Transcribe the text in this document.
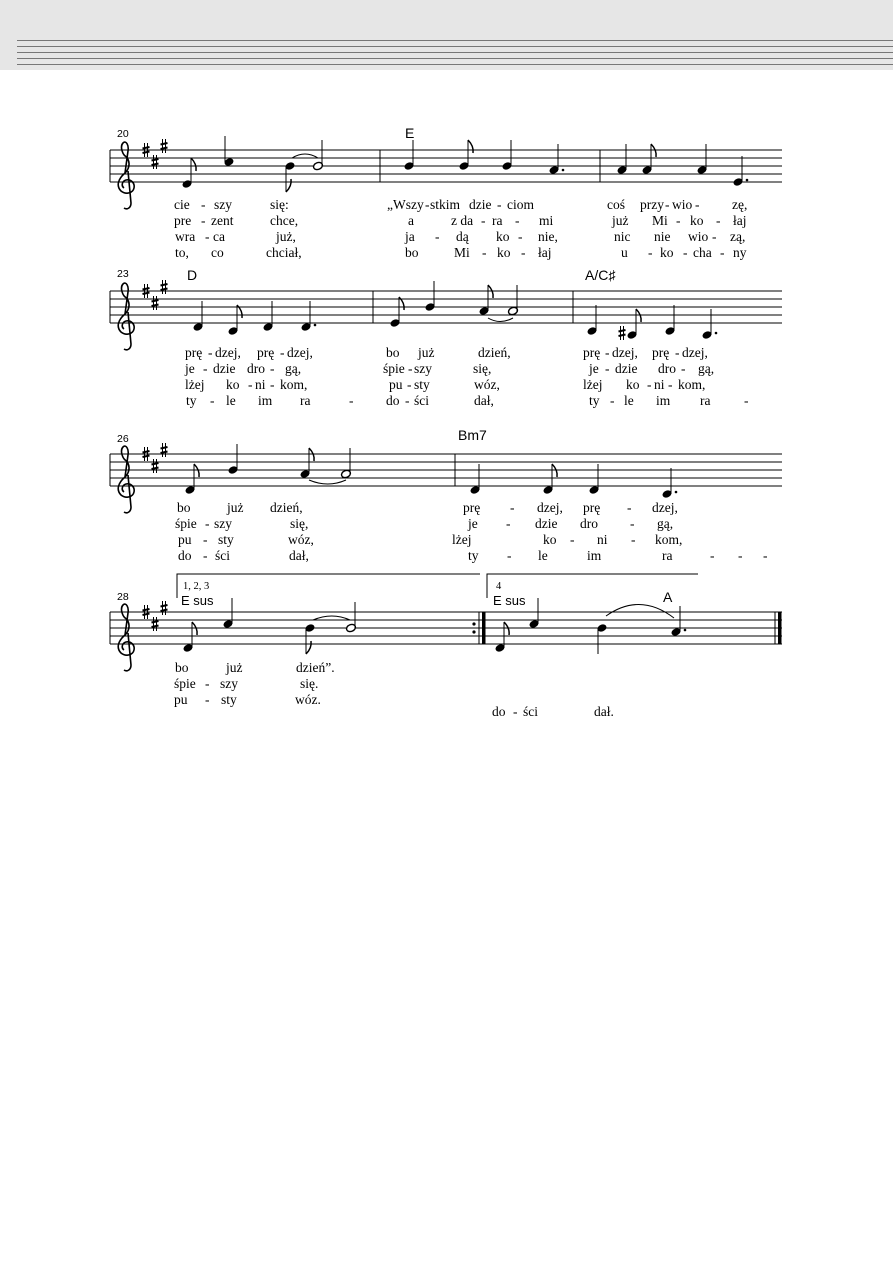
20	E
cie - szy	się:	„Wszy - stkim dzie - ciom	coś przy - wio - zę,
pre - zent	chce,	a	z da - ra - mi	już Mi - ko - łaj
wra - ca	już,	ja - dą ko - nie,	nic nie wio - zą,
to, co	chciał,	bo	Mi - ko - łaj	u - ko - cha - ny
23	D	A/C♯
prę - dzej, prę - dzej,	bo już	dzień,	prę - dzej, prę - dzej,
je - dzie dro - gą,	śpie - szy	się,	je - dzie dro - gą,
lżej ko - ni - kom,	pu - sty	wóz,	lżej ko - ni - kom,
ty - le im ra	- do - ści	dał,	ty - le im ra -
26	Bm7
bo	już dzień,	prę - dzej, prę - dzej,
śpie - szy	się,	je - dzie dro - gą,
pu - sty	wóz,	lżej	ko - ni - kom,
do - ści	dał,	ty - le	im	ra	- - -
28
1, 2, 3	4
E sus	E sus	A
bo	już	dzień”.
śpie - szy	się.
pu - sty	wóz.
do - ści	dał.
